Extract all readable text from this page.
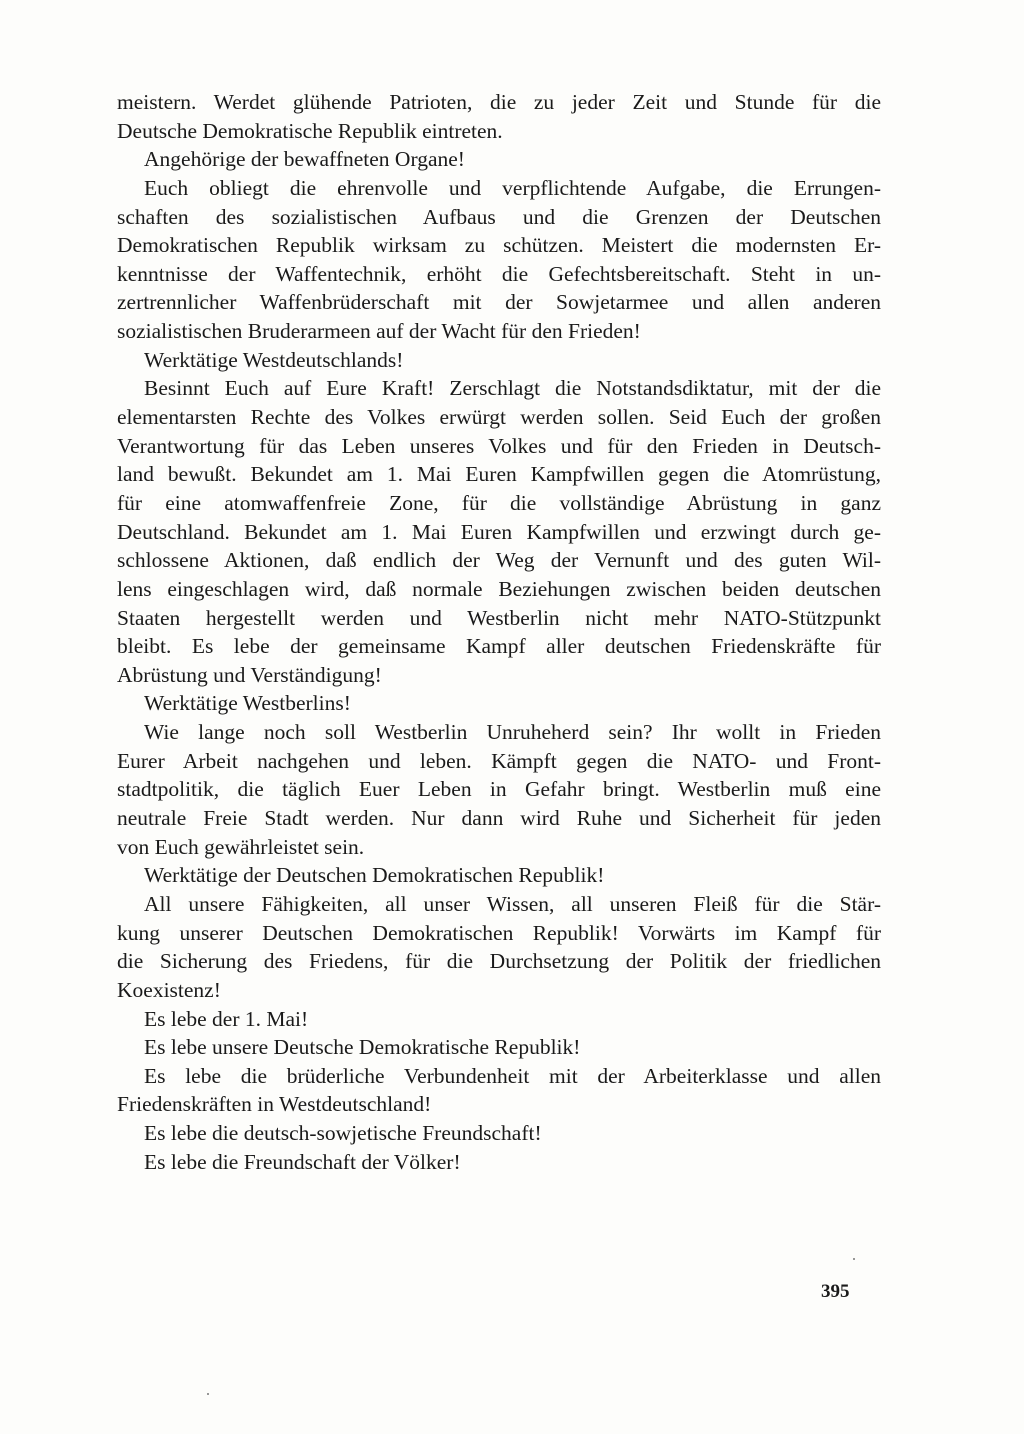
meistern. Werdet glühende Patrioten, die zu jeder Zeit und Stunde für die
Deutsche Demokratische Republik eintreten.
Angehörige der bewaffneten Organe!
Euch obliegt die ehrenvolle und verpflichtende Aufgabe, die Errungen-
schaften des sozialistischen Aufbaus und die Grenzen der Deutschen
Demokratischen Republik wirksam zu schützen. Meistert die modernsten Er-
kenntnisse der Waffentechnik, erhöht die Gefechtsbereitschaft. Steht in un-
zertrennlicher Waffenbrüderschaft mit der Sowjetarmee und allen anderen
sozialistischen Bruderarmeen auf der Wacht für den Frieden!
Werktätige Westdeutschlands!
Besinnt Euch auf Eure Kraft! Zerschlagt die Notstandsdiktatur, mit der die
elementarsten Rechte des Volkes erwürgt werden sollen. Seid Euch der großen
Verantwortung für das Leben unseres Volkes und für den Frieden in Deutsch-
land bewußt. Bekundet am 1. Mai Euren Kampfwillen gegen die Atomrüstung,
für eine atomwaffenfreie Zone, für die vollständige Abrüstung in ganz
Deutschland. Bekundet am 1. Mai Euren Kampfwillen und erzwingt durch ge-
schlossene Aktionen, daß endlich der Weg der Vernunft und des guten Wil-
lens eingeschlagen wird, daß normale Beziehungen zwischen beiden deutschen
Staaten hergestellt werden und Westberlin nicht mehr NATO-Stützpunkt
bleibt. Es lebe der gemeinsame Kampf aller deutschen Friedenskräfte für
Abrüstung und Verständigung!
Werktätige Westberlins!
Wie lange noch soll Westberlin Unruheherd sein? Ihr wollt in Frieden
Eurer Arbeit nachgehen und leben. Kämpft gegen die NATO- und Front-
stadtpolitik, die täglich Euer Leben in Gefahr bringt. Westberlin muß eine
neutrale Freie Stadt werden. Nur dann wird Ruhe und Sicherheit für jeden
von Euch gewährleistet sein.
Werktätige der Deutschen Demokratischen Republik!
All unsere Fähigkeiten, all unser Wissen, all unseren Fleiß für die Stär-
kung unserer Deutschen Demokratischen Republik! Vorwärts im Kampf für
die Sicherung des Friedens, für die Durchsetzung der Politik der friedlichen
Koexistenz!
Es lebe der 1. Mai!
Es lebe unsere Deutsche Demokratische Republik!
Es lebe die brüderliche Verbundenheit mit der Arbeiterklasse und allen
Friedenskräften in Westdeutschland!
Es lebe die deutsch-sowjetische Freundschaft!
Es lebe die Freundschaft der Völker!
395
